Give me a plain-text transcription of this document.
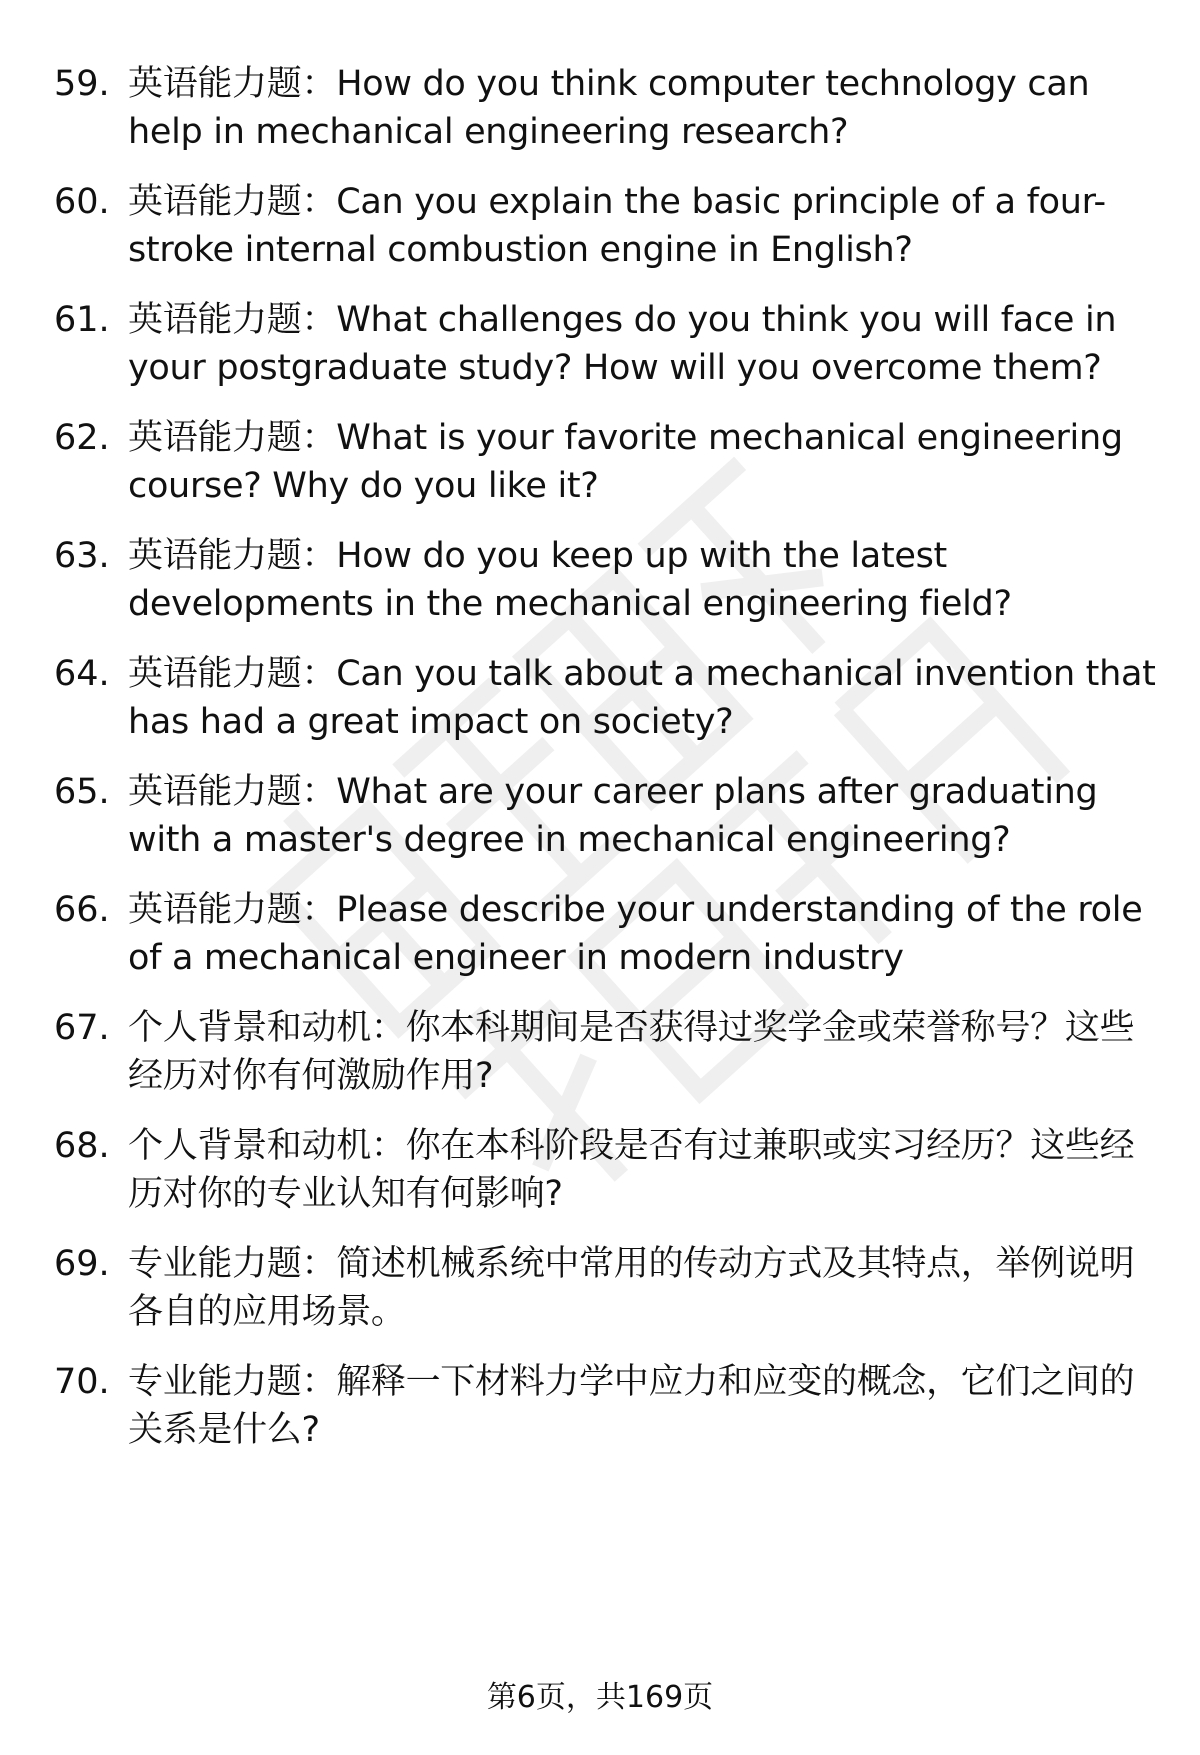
59. 英语能力题：How do you think computer technology can help in mechanical engineering research?
60. 英语能力题：Can you explain the basic principle of a four-stroke internal combustion engine in English?
61. 英语能力题：What challenges do you think you will face in your postgraduate study? How will you overcome them?
62. 英语能力题：What is your favorite mechanical engineering course? Why do you like it?
63. 英语能力题：How do you keep up with the latest developments in the mechanical engineering field?
64. 英语能力题：Can you talk about a mechanical invention that has had a great impact on society?
65. 英语能力题：What are your career plans after graduating with a master's degree in mechanical engineering?
66. 英语能力题：Please describe your understanding of the role of a mechanical engineer in modern industry
67. 个人背景和动机：你本科期间是否获得过奖学金或荣誉称号？这些经历对你有何激励作用?
68. 个人背景和动机：你在本科阶段是否有过兼职或实习经历？这些经历对你的专业认知有何影响?
69. 专业能力题：简述机械系统中常用的传动方式及其特点，举例说明各自的应用场景。
70. 专业能力题：解释一下材料力学中应力和应变的概念，它们之间的关系是什么?
第6页，共169页
